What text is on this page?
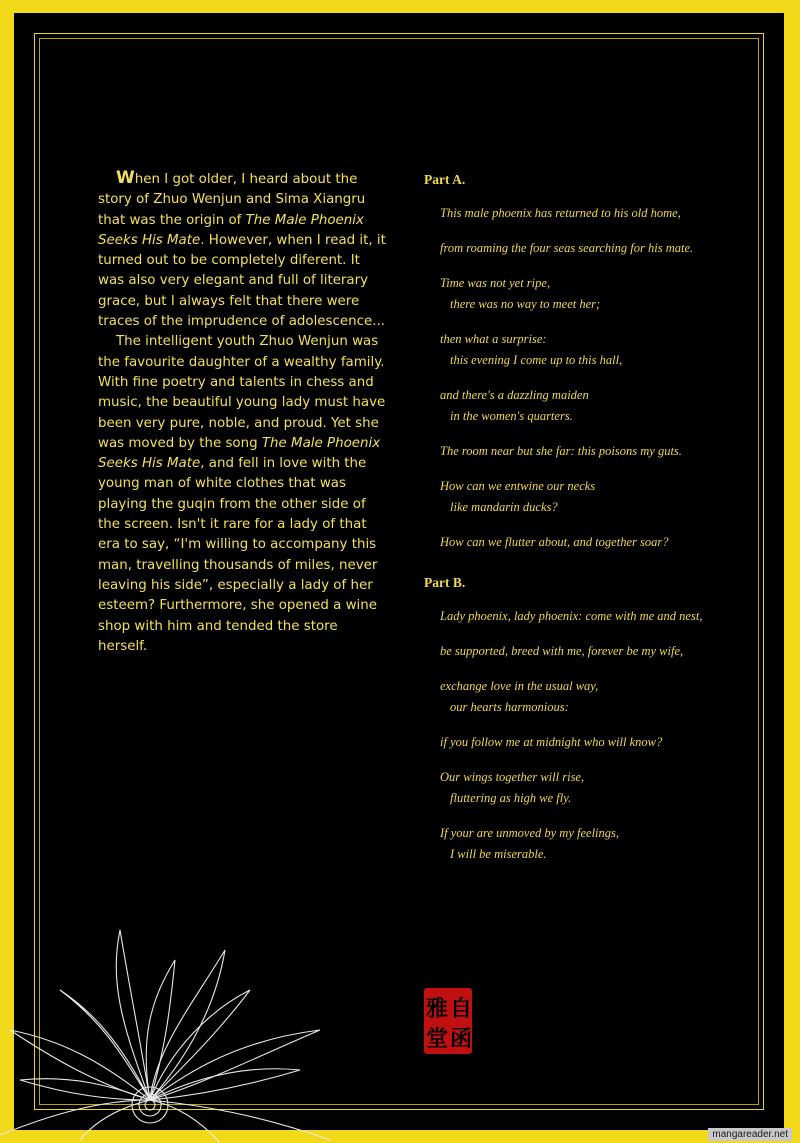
When I got older, I heard about the story of Zhuo Wenjun and Sima Xiangru that was the origin of The Male Phoenix Seeks His Mate. However, when I read it, it turned out to be completely diferent. It was also very elegant and full of literary grace, but I always felt that there were traces of the imprudence of adolescence...

The intelligent youth Zhuo Wenjun was the favourite daughter of a wealthy family. With fine poetry and talents in chess and music, the beautiful young lady must have been very pure, noble, and proud. Yet she was moved by the song The Male Phoenix Seeks His Mate, and fell in love with the young man of white clothes that was playing the guqin from the other side of the screen. Isn't it rare for a lady of that era to say, “I'm willing to accompany this man, travelling thousands of miles, never leaving his side”, especially a lady of her esteem? Furthermore, she opened a wine shop with him and tended the store herself.

Part A.
This male phoenix has returned to his old home,
from roaming the four seas searching for his mate.
Time was not yet ripe,
there was no way to meet her;
then what a surprise:
this evening I come up to this hall,
and there's a dazzling maiden
in the women's quarters.
The room near but she far: this poisons my guts.
How can we entwine our necks
like mandarin ducks?
How can we flutter about, and together soar?
Part B.
Lady phoenix, lady phoenix: come with me and nest,
be supported, breed with me, forever be my wife,
exchange love in the usual way,
our hearts harmonious:
if you follow me at midnight who will know?
Our wings together will rise,
fluttering as high we fly.
If your are unmoved by my feelings,
I will be miserable.
自
函
雅
堂
mangareader.net
